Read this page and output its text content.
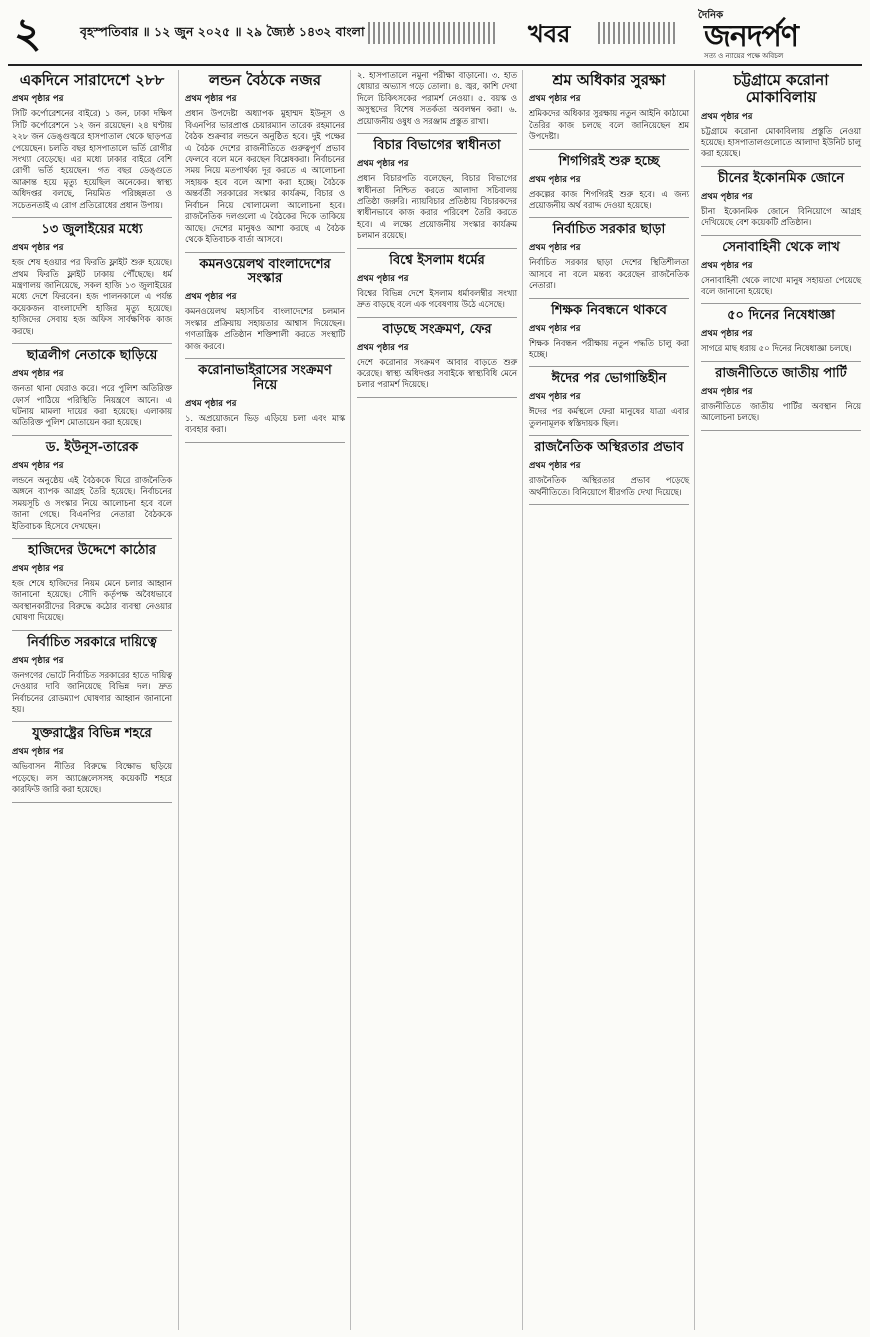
২	বৃহস্পতিবার ॥ ১২ জুন ২০২৫ ॥ ২৯ জ্যৈষ্ঠ ১৪৩২ বাংলা	খবর
দৈনিক
জনদর্পণ
সত্য ও ন্যায়ের পক্ষে অবিচল
একদিনে সারাদেশে ২৮৮
প্রথম পৃষ্ঠার পর

সিটি কর্পোরেশনের বাইরে) ১ জন, ঢাকা দক্ষিণ সিটি কর্পোরেশনে ১২ জন রয়েছেন। ২৪ ঘণ্টায় ২২৮ জন ডেঙ্গুজ্বরে হাসপাতাল থেকে ছাড়পত্র পেয়েছেন। চলতি বছর হাসপাতালে ভর্তি রোগীর সংখ্যা বেড়েছে। এর মধ্যে ঢাকার বাইরে বেশি রোগী ভর্তি হয়েছেন। গত বছর ডেঙ্গুতে আক্রান্ত হয়ে মৃত্যু হয়েছিল অনেকের। স্বাস্থ্য অধিদপ্তর বলছে, নিয়মিত পরিচ্ছন্নতা ও সচেতনতাই এ রোগ প্রতিরোধের প্রধান উপায়।

১৩ জুলাইয়ের মধ্যে
প্রথম পৃষ্ঠার পর

হজ শেষ হওয়ার পর ফিরতি ফ্লাইট শুরু হয়েছে। প্রথম ফিরতি ফ্লাইট ঢাকায় পৌঁছেছে। ধর্ম মন্ত্রণালয় জানিয়েছে, সকল হাজি ১৩ জুলাইয়ের মধ্যে দেশে ফিরবেন। হজ পালনকালে এ পর্যন্ত কয়েকজন বাংলাদেশি হাজির মৃত্যু হয়েছে। হাজিদের সেবায় হজ অফিস সার্বক্ষণিক কাজ করছে।

ছাত্রলীগ নেতাকে ছাড়িয়ে
প্রথম পৃষ্ঠার পর

জনতা থানা ঘেরাও করে। পরে পুলিশ অতিরিক্ত ফোর্স পাঠিয়ে পরিস্থিতি নিয়ন্ত্রণে আনে। এ ঘটনায় মামলা দায়ের করা হয়েছে। এলাকায় অতিরিক্ত পুলিশ মোতায়েন করা হয়েছে।

ড. ইউনূস-তারেক
প্রথম পৃষ্ঠার পর

লন্ডনে অনুষ্ঠেয় এই বৈঠককে ঘিরে রাজনৈতিক অঙ্গনে ব্যাপক আগ্রহ তৈরি হয়েছে। নির্বাচনের সময়সূচি ও সংস্কার নিয়ে আলোচনা হবে বলে জানা গেছে। বিএনপির নেতারা বৈঠককে ইতিবাচক হিসেবে দেখছেন।

হাজিদের উদ্দেশে কাঠোর
প্রথম পৃষ্ঠার পর

হজ শেষে হাজিদের নিয়ম মেনে চলার আহ্বান জানানো হয়েছে। সৌদি কর্তৃপক্ষ অবৈধভাবে অবস্থানকারীদের বিরুদ্ধে কঠোর ব্যবস্থা নেওয়ার ঘোষণা দিয়েছে।

নির্বাচিত সরকারে দায়িত্বে
প্রথম পৃষ্ঠার পর

জনগণের ভোটে নির্বাচিত সরকারের হাতে দায়িত্ব দেওয়ার দাবি জানিয়েছে বিভিন্ন দল। দ্রুত নির্বাচনের রোডম্যাপ ঘোষণার আহ্বান জানানো হয়।

যুক্তরাষ্ট্রের বিভিন্ন শহরে
প্রথম পৃষ্ঠার পর

অভিবাসন নীতির বিরুদ্ধে বিক্ষোভ ছড়িয়ে পড়েছে। লস অ্যাঞ্জেলেসসহ কয়েকটি শহরে কারফিউ জারি করা হয়েছে।

লন্ডন বৈঠকে নজর
প্রথম পৃষ্ঠার পর

প্রধান উপদেষ্টা অধ্যাপক মুহাম্মদ ইউনূস ও বিএনপির ভারপ্রাপ্ত চেয়ারম্যান তারেক রহমানের বৈঠক শুক্রবার লন্ডনে অনুষ্ঠিত হবে। দুই পক্ষের এ বৈঠক দেশের রাজনীতিতে গুরুত্বপূর্ণ প্রভাব ফেলবে বলে মনে করছেন বিশ্লেষকরা। নির্বাচনের সময় নিয়ে মতপার্থক্য দূর করতে এ আলোচনা সহায়ক হবে বলে আশা করা হচ্ছে। বৈঠকে অন্তর্বর্তী সরকারের সংস্কার কার্যক্রম, বিচার ও নির্বাচন নিয়ে খোলামেলা আলোচনা হবে। রাজনৈতিক দলগুলো এ বৈঠকের দিকে তাকিয়ে আছে। দেশের মানুষও আশা করছে এ বৈঠক থেকে ইতিবাচক বার্তা আসবে।

কমনওয়েলথ বাংলাদেশের সংস্কার
প্রথম পৃষ্ঠার পর

কমনওয়েলথ মহাসচিব বাংলাদেশের চলমান সংস্কার প্রক্রিয়ায় সহায়তার আশ্বাস দিয়েছেন। গণতান্ত্রিক প্রতিষ্ঠান শক্তিশালী করতে সংস্থাটি কাজ করবে।

করোনাভাইরাসের সংক্রমণ নিয়ে
প্রথম পৃষ্ঠার পর

১. অপ্রয়োজনে ভিড় এড়িয়ে চলা এবং মাস্ক ব্যবহার করা।

২. হাসপাতালে নমুনা পরীক্ষা বাড়ানো। ৩. হাত ধোয়ার অভ্যাস গড়ে তোলা। ৪. জ্বর, কাশি দেখা দিলে চিকিৎসকের পরামর্শ নেওয়া। ৫. বয়স্ক ও অসুস্থদের বিশেষ সতর্কতা অবলম্বন করা। ৬. প্রয়োজনীয় ওষুধ ও সরঞ্জাম প্রস্তুত রাখা।

বিচার বিভাগের স্বাধীনতা
প্রথম পৃষ্ঠার পর

প্রধান বিচারপতি বলেছেন, বিচার বিভাগের স্বাধীনতা নিশ্চিত করতে আলাদা সচিবালয় প্রতিষ্ঠা জরুরি। ন্যায়বিচার প্রতিষ্ঠায় বিচারকদের স্বাধীনভাবে কাজ করার পরিবেশ তৈরি করতে হবে। এ লক্ষ্যে প্রয়োজনীয় সংস্কার কার্যক্রম চলমান রয়েছে।

বিশ্বে ইসলাম ধর্মের
প্রথম পৃষ্ঠার পর

বিশ্বের বিভিন্ন দেশে ইসলাম ধর্মাবলম্বীর সংখ্যা দ্রুত বাড়ছে বলে এক গবেষণায় উঠে এসেছে।

বাড়ছে সংক্রমণ, ফের
প্রথম পৃষ্ঠার পর

দেশে করোনার সংক্রমণ আবার বাড়তে শুরু করেছে। স্বাস্থ্য অধিদপ্তর সবাইকে স্বাস্থ্যবিধি মেনে চলার পরামর্শ দিয়েছে।

শ্রম অধিকার সুরক্ষা
প্রথম পৃষ্ঠার পর

শ্রমিকদের অধিকার সুরক্ষায় নতুন আইনি কাঠামো তৈরির কাজ চলছে বলে জানিয়েছেন শ্রম উপদেষ্টা।

শিগগিরই শুরু হচ্ছে
প্রথম পৃষ্ঠার পর

প্রকল্পের কাজ শিগগিরই শুরু হবে। এ জন্য প্রয়োজনীয় অর্থ বরাদ্দ দেওয়া হয়েছে।

নির্বাচিত সরকার ছাড়া
প্রথম পৃষ্ঠার পর

নির্বাচিত সরকার ছাড়া দেশের স্থিতিশীলতা আসবে না বলে মন্তব্য করেছেন রাজনৈতিক নেতারা।

শিক্ষক নিবন্ধনে থাকবে
প্রথম পৃষ্ঠার পর

শিক্ষক নিবন্ধন পরীক্ষায় নতুন পদ্ধতি চালু করা হচ্ছে।

ঈদের পর ভোগান্তিহীন
প্রথম পৃষ্ঠার পর

ঈদের পর কর্মস্থলে ফেরা মানুষের যাত্রা এবার তুলনামূলক স্বস্তিদায়ক ছিল।

রাজনৈতিক অস্থিরতার প্রভাব
প্রথম পৃষ্ঠার পর

রাজনৈতিক অস্থিরতার প্রভাব পড়েছে অর্থনীতিতে। বিনিয়োগে ধীরগতি দেখা দিয়েছে।

চট্টগ্রামে করোনা মোকাবিলায়
প্রথম পৃষ্ঠার পর

চট্টগ্রামে করোনা মোকাবিলায় প্রস্তুতি নেওয়া হয়েছে। হাসপাতালগুলোতে আলাদা ইউনিট চালু করা হয়েছে।

চীনের ইকোনমিক জোনে
প্রথম পৃষ্ঠার পর

চীনা ইকোনমিক জোনে বিনিয়োগে আগ্রহ দেখিয়েছে বেশ কয়েকটি প্রতিষ্ঠান।

সেনাবাহিনী থেকে লাখ
প্রথম পৃষ্ঠার পর

সেনাবাহিনী থেকে লাখো মানুষ সহায়তা পেয়েছে বলে জানানো হয়েছে।

৫০ দিনের নিষেধাজ্ঞা
প্রথম পৃষ্ঠার পর

সাগরে মাছ ধরায় ৫০ দিনের নিষেধাজ্ঞা চলছে।

রাজনীতিতে জাতীয় পার্টি
প্রথম পৃষ্ঠার পর

রাজনীতিতে জাতীয় পার্টির অবস্থান নিয়ে আলোচনা চলছে।
